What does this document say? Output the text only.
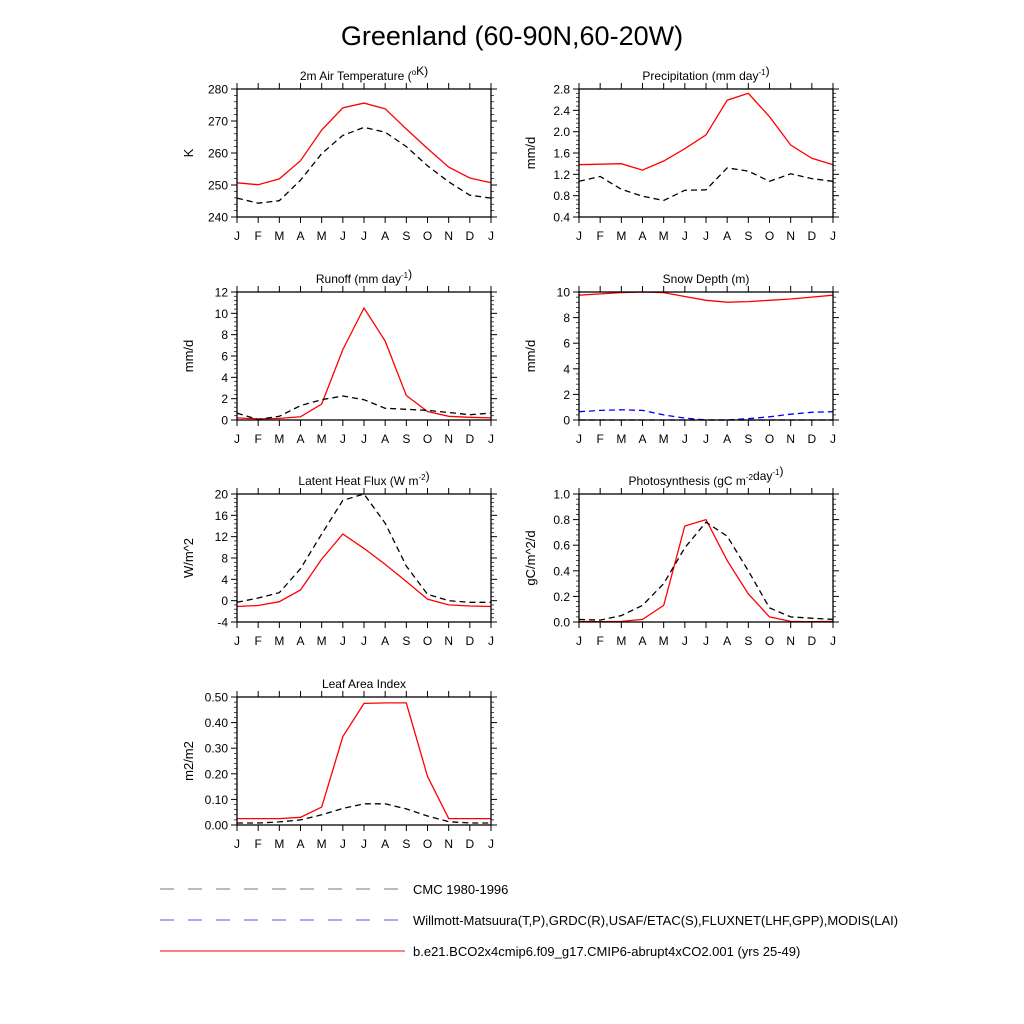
Greenland (60-90N,60-20W)
2m Air Temperature ($^o$K)
K
J F M A M J J A S O N D J
240
250
260
270
280
Precipitation (mm day$^{-1}$)
mm/d
J F M A M J J A S O N D J
0.4
0.8
1.2
1.6
2.0
2.4
2.8
Runoff (mm day$^{-1}$)
mm/d
J F M A M J J A S O N D J
0
2
4
6
8
10
12
Snow Depth (m)
mm/d
J F M A M J J A S O N D J
0
2
4
6
8
10
Latent Heat Flux (W $m^{-2}$)
W/m^2
J F M A M J J A S O N D J
-4
0
4
8
12
16
20
Photosynthesis (gC $m^{-2}day^{-1}$)
gC/m^2/d
J F M A M J J A S O N D J
0.0
0.2
0.4
0.6
0.8
1.0
Leaf Area Index
m2/m2
J F M A M J J A S O N D J
0.00
0.10
0.20
0.30
0.40
0.50
CMC 1980-1996
Willmott-Matsuura(T,P),GRDC(R),USAF/ETAC(S),FLUXNET(LHF,GPP),MODIS(LAI)
b.e21.BCO2x4cmip6.f09_g17.CMIP6-abrupt4xCO2.001 (yrs 25-49)
